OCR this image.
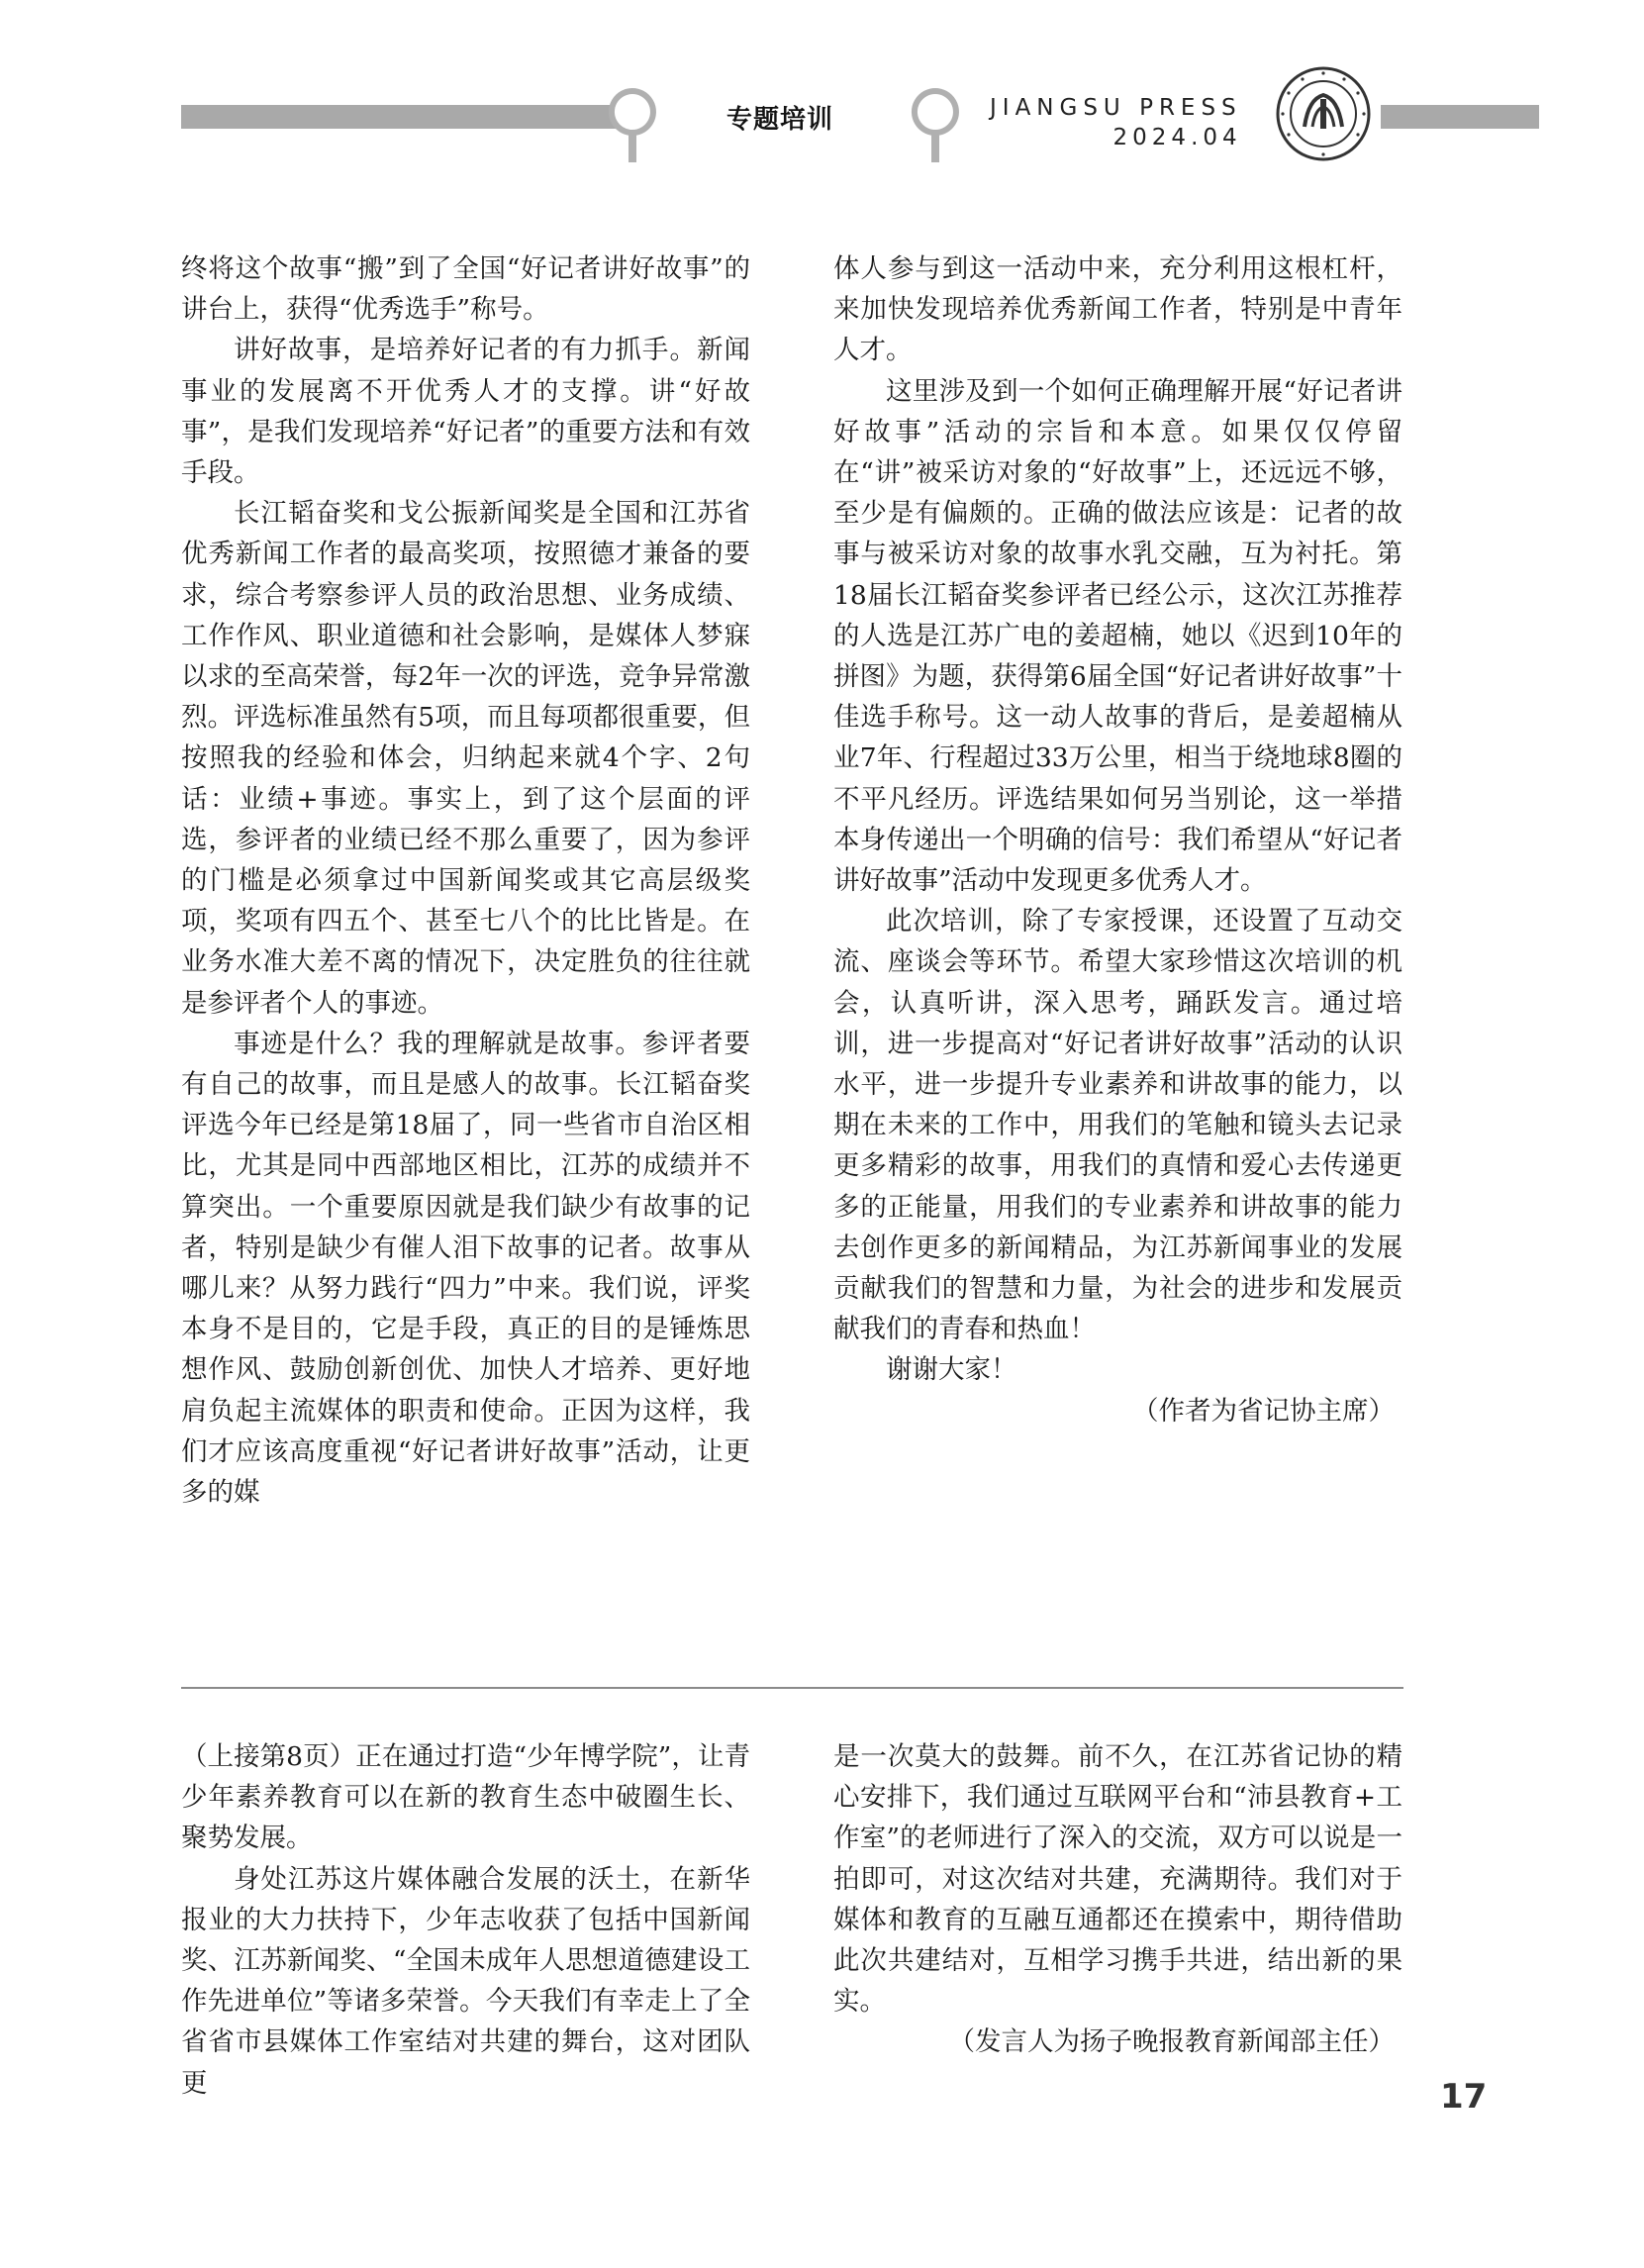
专题培训	JIANGSU PRESS
2024.04

终将这个故事“搬”到了全国“好记者讲好故事”的讲台上，获得“优秀选手”称号。

讲好故事，是培养好记者的有力抓手。新闻事业的发展离不开优秀人才的支撑。讲“好故事”，是我们发现培养“好记者”的重要方法和有效手段。

长江韬奋奖和戈公振新闻奖是全国和江苏省优秀新闻工作者的最高奖项，按照德才兼备的要求，综合考察参评人员的政治思想、业务成绩、工作作风、职业道德和社会影响，是媒体人梦寐以求的至高荣誉，每2年一次的评选，竞争异常激烈。评选标准虽然有5项，而且每项都很重要，但按照我的经验和体会，归纳起来就4个字、2句话：业绩+事迹。事实上，到了这个层面的评选，参评者的业绩已经不那么重要了，因为参评的门槛是必须拿过中国新闻奖或其它高层级奖项，奖项有四五个、甚至七八个的比比皆是。在业务水准大差不离的情况下，决定胜负的往往就是参评者个人的事迹。

事迹是什么？我的理解就是故事。参评者要有自己的故事，而且是感人的故事。长江韬奋奖评选今年已经是第18届了，同一些省市自治区相比，尤其是同中西部地区相比，江苏的成绩并不算突出。一个重要原因就是我们缺少有故事的记者，特别是缺少有催人泪下故事的记者。故事从哪儿来？从努力践行“四力”中来。我们说，评奖本身不是目的，它是手段，真正的目的是锤炼思想作风、鼓励创新创优、加快人才培养、更好地肩负起主流媒体的职责和使命。正因为这样，我们才应该高度重视“好记者讲好故事”活动，让更多的媒

体人参与到这一活动中来，充分利用这根杠杆，来加快发现培养优秀新闻工作者，特别是中青年人才。

这里涉及到一个如何正确理解开展“好记者讲好故事”活动的宗旨和本意。如果仅仅停留在“讲”被采访对象的“好故事”上，还远远不够，至少是有偏颇的。正确的做法应该是：记者的故事与被采访对象的故事水乳交融，互为衬托。第18届长江韬奋奖参评者已经公示，这次江苏推荐的人选是江苏广电的姜超楠，她以《迟到10年的拼图》为题，获得第6届全国“好记者讲好故事”十佳选手称号。这一动人故事的背后，是姜超楠从业7年、行程超过33万公里，相当于绕地球8圈的不平凡经历。评选结果如何另当别论，这一举措本身传递出一个明确的信号：我们希望从“好记者讲好故事”活动中发现更多优秀人才。

此次培训，除了专家授课，还设置了互动交流、座谈会等环节。希望大家珍惜这次培训的机会，认真听讲，深入思考，踊跃发言。通过培训，进一步提高对“好记者讲好故事”活动的认识水平，进一步提升专业素养和讲故事的能力，以期在未来的工作中，用我们的笔触和镜头去记录更多精彩的故事，用我们的真情和爱心去传递更多的正能量，用我们的专业素养和讲故事的能力去创作更多的新闻精品，为江苏新闻事业的发展贡献我们的智慧和力量，为社会的进步和发展贡献我们的青春和热血！

谢谢大家！

（作者为省记协主席）

（上接第8页）正在通过打造“少年博学院”，让青少年素养教育可以在新的教育生态中破圈生长、聚势发展。

身处江苏这片媒体融合发展的沃土，在新华报业的大力扶持下，少年志收获了包括中国新闻奖、江苏新闻奖、“全国未成年人思想道德建设工作先进单位”等诸多荣誉。今天我们有幸走上了全省省市县媒体工作室结对共建的舞台，这对团队更

是一次莫大的鼓舞。前不久，在江苏省记协的精心安排下，我们通过互联网平台和“沛县教育+工作室”的老师进行了深入的交流，双方可以说是一拍即可，对这次结对共建，充满期待。我们对于媒体和教育的互融互通都还在摸索中，期待借助此次共建结对，互相学习携手共进，结出新的果实。

（发言人为扬子晚报教育新闻部主任）

17
